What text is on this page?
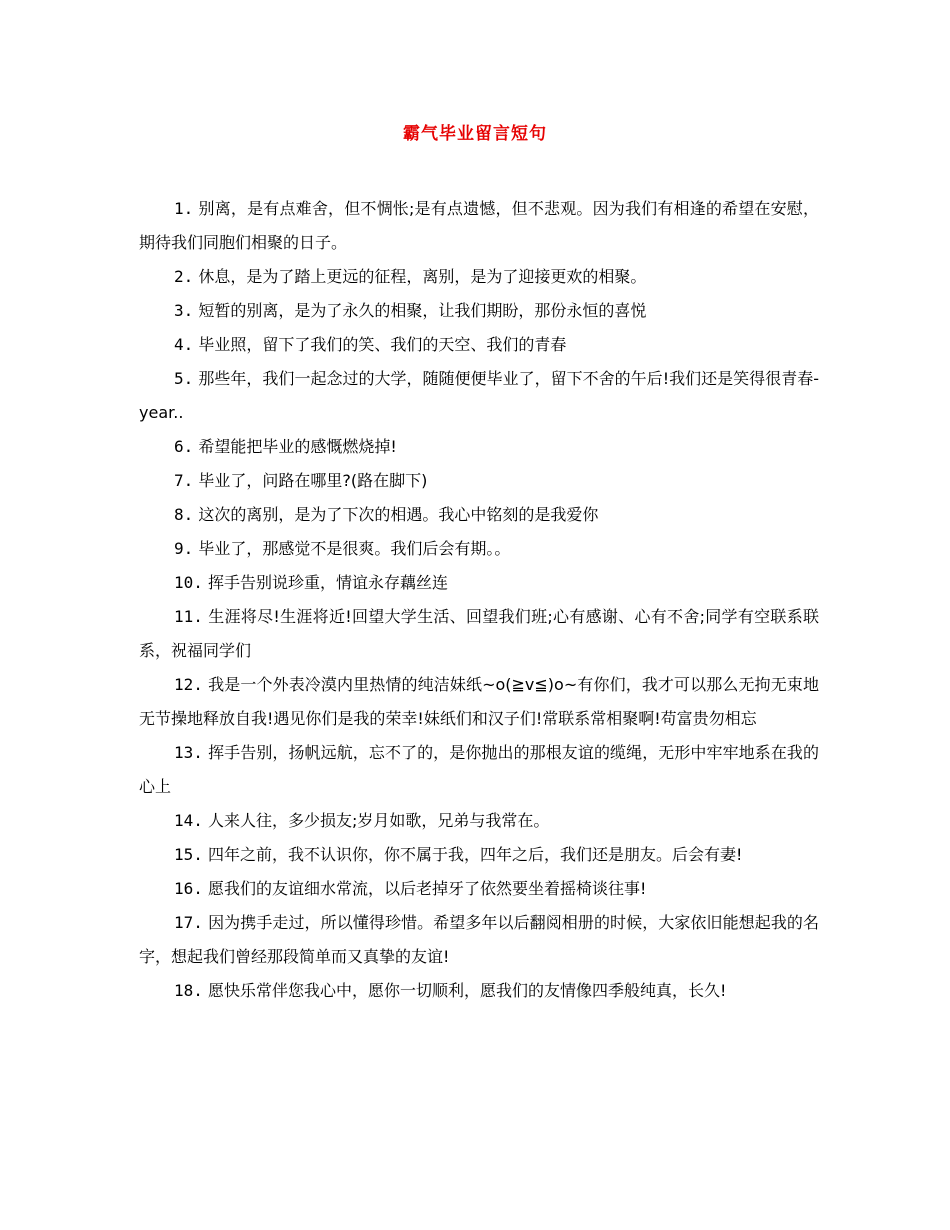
霸气毕业留言短句

1. 别离，是有点难舍，但不惆怅;是有点遗憾，但不悲观。因为我们有相逢的希望在安慰，期待我们同胞们相聚的日子。

2. 休息，是为了踏上更远的征程，离别，是为了迎接更欢的相聚。

3. 短暂的别离，是为了永久的相聚，让我们期盼，那份永恒的喜悦

4. 毕业照，留下了我们的笑、我们的天空、我们的青春

5. 那些年，我们一起念过的大学，随随便便毕业了，留下不舍的午后!我们还是笑得很青春-year..

6. 希望能把毕业的感慨燃烧掉!

7. 毕业了，问路在哪里?(路在脚下)

8. 这次的离别，是为了下次的相遇。我心中铭刻的是我爱你

9. 毕业了，那感觉不是很爽。我们后会有期。。

10. 挥手告别说珍重，情谊永存藕丝连

11. 生涯将尽!生涯将近!回望大学生活、回望我们班;心有感谢、心有不舍;同学有空联系联系，祝福同学们

12. 我是一个外表冷漠内里热情的纯洁妹纸~o(≧v≦)o~有你们，我才可以那么无拘无束地无节操地释放自我!遇见你们是我的荣幸!妹纸们和汉子们!常联系常相聚啊!苟富贵勿相忘

13. 挥手告别，扬帆远航，忘不了的，是你抛出的那根友谊的缆绳，无形中牢牢地系在我的心上

14. 人来人往，多少损友;岁月如歌，兄弟与我常在。

15. 四年之前，我不认识你，你不属于我，四年之后，我们还是朋友。后会有妻!

16. 愿我们的友谊细水常流，以后老掉牙了依然要坐着摇椅谈往事!

17. 因为携手走过，所以懂得珍惜。希望多年以后翻阅相册的时候，大家依旧能想起我的名字，想起我们曾经那段简单而又真挚的友谊!

18. 愿快乐常伴您我心中，愿你一切顺利，愿我们的友情像四季般纯真，长久!
